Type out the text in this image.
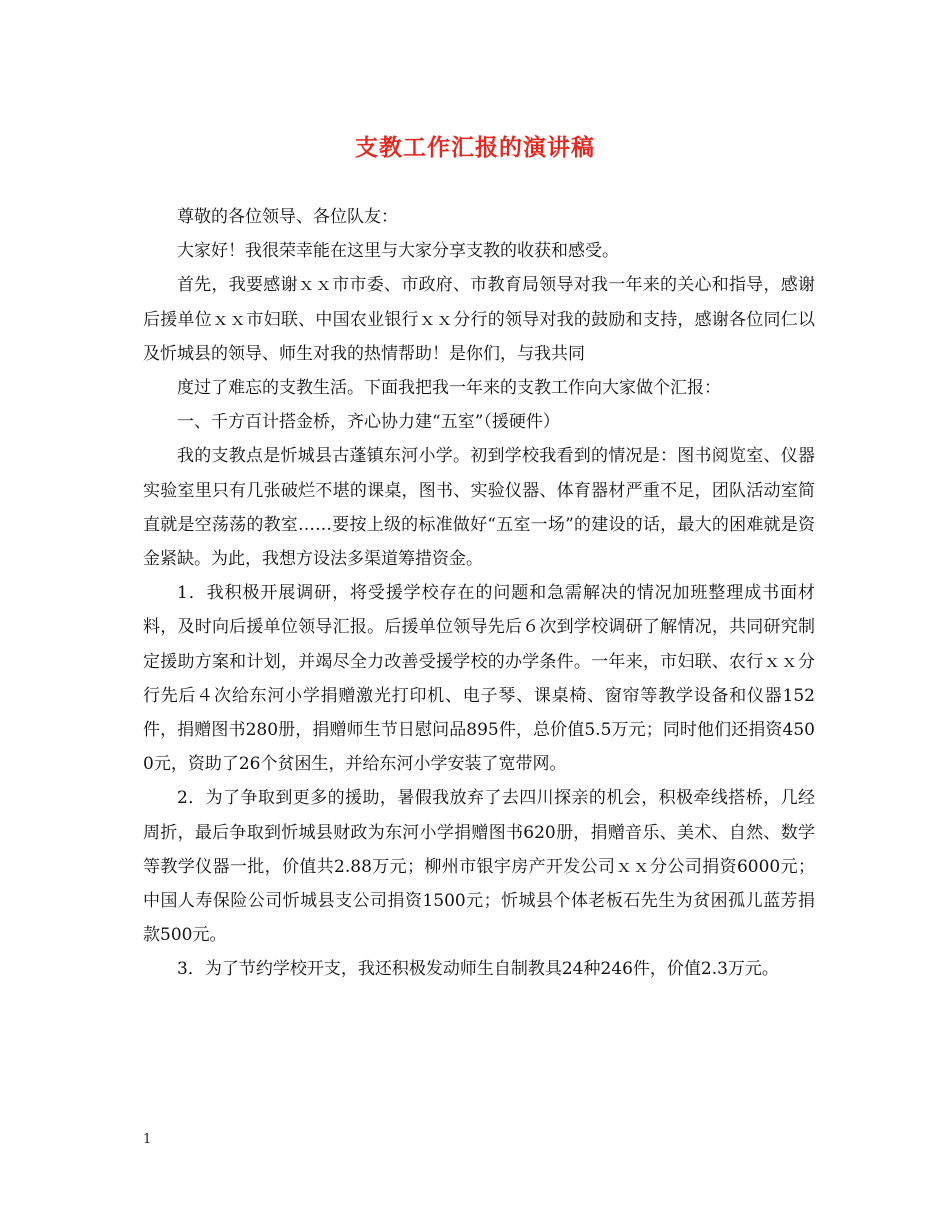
支教工作汇报的演讲稿

尊敬的各位领导、各位队友：

大家好！我很荣幸能在这里与大家分享支教的收获和感受。

首先，我要感谢ｘｘ市市委、市政府、市教育局领导对我一年来的关心和指导，感谢后援单位ｘｘ市妇联、中国农业银行ｘｘ分行的领导对我的鼓励和支持，感谢各位同仁以及忻城县的领导、师生对我的热情帮助！是你们，与我共同

度过了难忘的支教生活。下面我把我一年来的支教工作向大家做个汇报：

一、千方百计搭金桥，齐心协力建“五室”（援硬件）

我的支教点是忻城县古蓬镇东河小学。初到学校我看到的情况是：图书阅览室、仪器实验室里只有几张破烂不堪的课桌，图书、实验仪器、体育器材严重不足，团队活动室简直就是空荡荡的教室……要按上级的标准做好“五室一场”的建设的话，最大的困难就是资金紧缺。为此，我想方设法多渠道筹措资金。

1．我积极开展调研，将受援学校存在的问题和急需解决的情况加班整理成书面材料，及时向后援单位领导汇报。后援单位领导先后６次到学校调研了解情况，共同研究制定援助方案和计划，并竭尽全力改善受援学校的办学条件。一年来，市妇联、农行ｘｘ分行先后４次给东河小学捐赠激光打印机、电子琴、课桌椅、窗帘等教学设备和仪器152件，捐赠图书280册，捐赠师生节日慰问品895件，总价值5.5万元；同时他们还捐资4500元，资助了26个贫困生，并给东河小学安装了宽带网。

2．为了争取到更多的援助，暑假我放弃了去四川探亲的机会，积极牵线搭桥，几经周折，最后争取到忻城县财政为东河小学捐赠图书620册，捐赠音乐、美术、自然、数学等教学仪器一批，价值共2.88万元；柳州市银宇房产开发公司ｘｘ分公司捐资6000元；中国人寿保险公司忻城县支公司捐资1500元；忻城县个体老板石先生为贫困孤儿蓝芳捐款500元。

3．为了节约学校开支，我还积极发动师生自制教具24种246件，价值2.3万元。

1
